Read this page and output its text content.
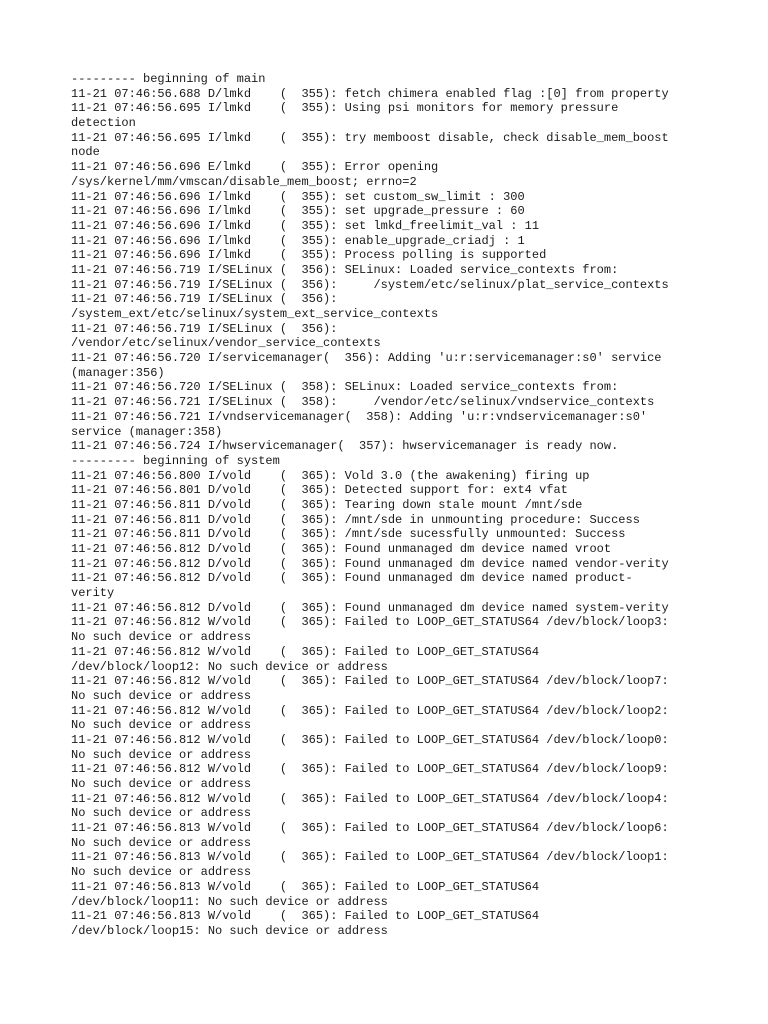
--------- beginning of main
11-21 07:46:56.688 D/lmkd    (  355): fetch chimera enabled flag :[0] from property
11-21 07:46:56.695 I/lmkd    (  355): Using psi monitors for memory pressure
detection
11-21 07:46:56.695 I/lmkd    (  355): try memboost disable, check disable_mem_boost
node
11-21 07:46:56.696 E/lmkd    (  355): Error opening
/sys/kernel/mm/vmscan/disable_mem_boost; errno=2
11-21 07:46:56.696 I/lmkd    (  355): set custom_sw_limit : 300
11-21 07:46:56.696 I/lmkd    (  355): set upgrade_pressure : 60
11-21 07:46:56.696 I/lmkd    (  355): set lmkd_freelimit_val : 11
11-21 07:46:56.696 I/lmkd    (  355): enable_upgrade_criadj : 1
11-21 07:46:56.696 I/lmkd    (  355): Process polling is supported
11-21 07:46:56.719 I/SELinux (  356): SELinux: Loaded service_contexts from:
11-21 07:46:56.719 I/SELinux (  356):     /system/etc/selinux/plat_service_contexts
11-21 07:46:56.719 I/SELinux (  356):
/system_ext/etc/selinux/system_ext_service_contexts
11-21 07:46:56.719 I/SELinux (  356):
/vendor/etc/selinux/vendor_service_contexts
11-21 07:46:56.720 I/servicemanager(  356): Adding 'u:r:servicemanager:s0' service
(manager:356)
11-21 07:46:56.720 I/SELinux (  358): SELinux: Loaded service_contexts from:
11-21 07:46:56.721 I/SELinux (  358):     /vendor/etc/selinux/vndservice_contexts
11-21 07:46:56.721 I/vndservicemanager(  358): Adding 'u:r:vndservicemanager:s0'
service (manager:358)
11-21 07:46:56.724 I/hwservicemanager(  357): hwservicemanager is ready now.
--------- beginning of system
11-21 07:46:56.800 I/vold    (  365): Vold 3.0 (the awakening) firing up
11-21 07:46:56.801 D/vold    (  365): Detected support for: ext4 vfat
11-21 07:46:56.811 D/vold    (  365): Tearing down stale mount /mnt/sde
11-21 07:46:56.811 D/vold    (  365): /mnt/sde in unmounting procedure: Success
11-21 07:46:56.811 D/vold    (  365): /mnt/sde sucessfully unmounted: Success
11-21 07:46:56.812 D/vold    (  365): Found unmanaged dm device named vroot
11-21 07:46:56.812 D/vold    (  365): Found unmanaged dm device named vendor-verity
11-21 07:46:56.812 D/vold    (  365): Found unmanaged dm device named product-
verity
11-21 07:46:56.812 D/vold    (  365): Found unmanaged dm device named system-verity
11-21 07:46:56.812 W/vold    (  365): Failed to LOOP_GET_STATUS64 /dev/block/loop3:
No such device or address
11-21 07:46:56.812 W/vold    (  365): Failed to LOOP_GET_STATUS64
/dev/block/loop12: No such device or address
11-21 07:46:56.812 W/vold    (  365): Failed to LOOP_GET_STATUS64 /dev/block/loop7:
No such device or address
11-21 07:46:56.812 W/vold    (  365): Failed to LOOP_GET_STATUS64 /dev/block/loop2:
No such device or address
11-21 07:46:56.812 W/vold    (  365): Failed to LOOP_GET_STATUS64 /dev/block/loop0:
No such device or address
11-21 07:46:56.812 W/vold    (  365): Failed to LOOP_GET_STATUS64 /dev/block/loop9:
No such device or address
11-21 07:46:56.812 W/vold    (  365): Failed to LOOP_GET_STATUS64 /dev/block/loop4:
No such device or address
11-21 07:46:56.813 W/vold    (  365): Failed to LOOP_GET_STATUS64 /dev/block/loop6:
No such device or address
11-21 07:46:56.813 W/vold    (  365): Failed to LOOP_GET_STATUS64 /dev/block/loop1:
No such device or address
11-21 07:46:56.813 W/vold    (  365): Failed to LOOP_GET_STATUS64
/dev/block/loop11: No such device or address
11-21 07:46:56.813 W/vold    (  365): Failed to LOOP_GET_STATUS64
/dev/block/loop15: No such device or address
